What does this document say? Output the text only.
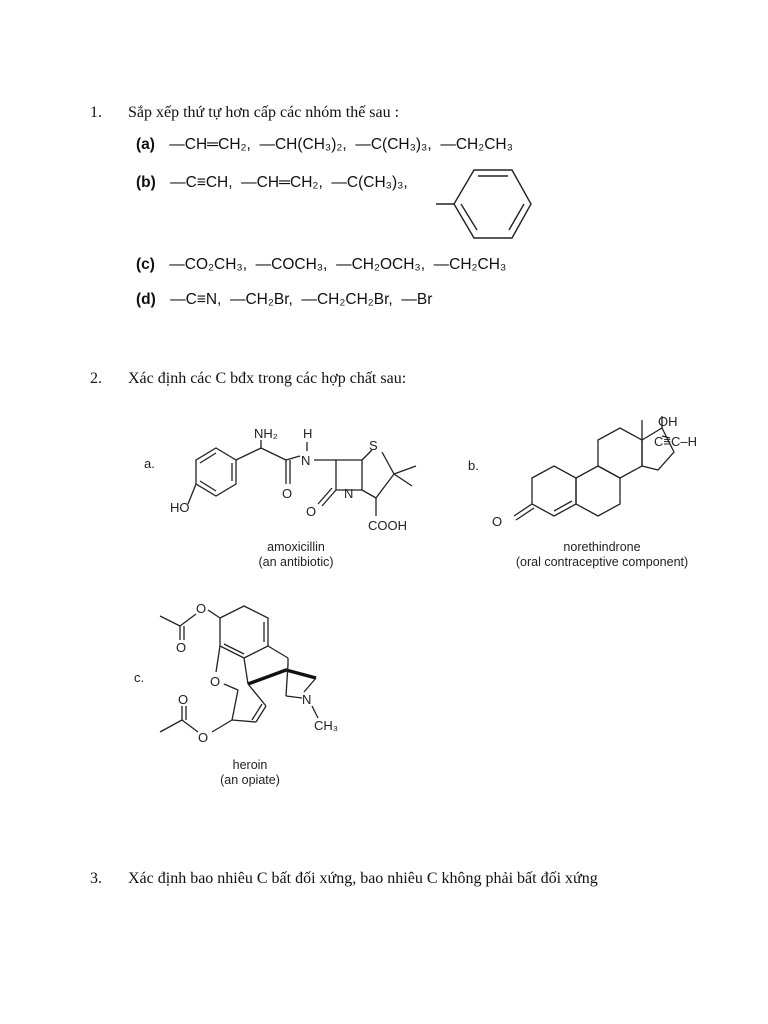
1. Sắp xếp thứ tự hơn cấp các nhóm thế sau :
(a) —CH═CH₂, —CH(CH₃)₂, —C(CH₃)₃, —CH₂CH₃
(b) —C≡CH, —CH═CH₂, —C(CH₃)₃,
(c) —CO₂CH₃, —COCH₃, —CH₂OCH₃, —CH₂CH₃
(d) —C≡N, —CH₂Br, —CH₂CH₂Br, —Br
2. Xác định các C bđx trong các hợp chất sau:
a.
HO
NH₂
O
N
H
O
N
S
COOH
amoxicillin
(an antibiotic)
b.
O
OH
C≡C–H
norethindrone
(oral contraceptive component)
c.
O
O
O
N
CH₃
O
O
heroin
(an opiate)
3. Xác định bao nhiêu C bất đối xứng, bao nhiêu C không phải bất đối xứng
